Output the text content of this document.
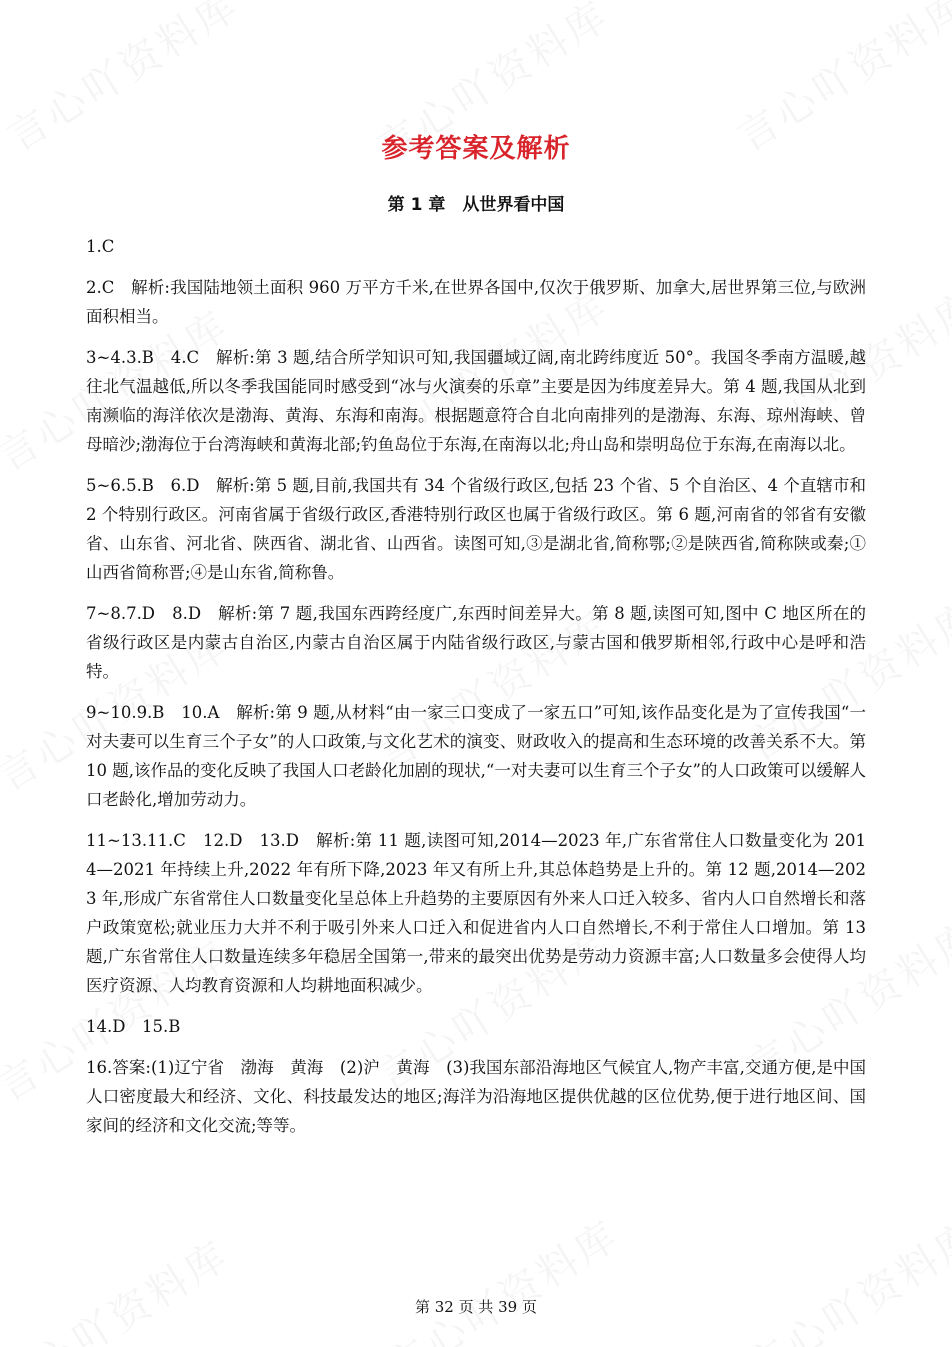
参考答案及解析
第 1 章　从世界看中国

1.C

2.C　解析:我国陆地领土面积 960 万平方千米,在世界各国中,仅次于俄罗斯、加拿大,居世界第三位,与欧洲面积相当。

3~4.3.B　4.C　解析:第 3 题,结合所学知识可知,我国疆域辽阔,南北跨纬度近 50°。我国冬季南方温暖,越往北气温越低,所以冬季我国能同时感受到“冰与火演奏的乐章”主要是因为纬度差异大。第 4 题,我国从北到南濒临的海洋依次是渤海、黄海、东海和南海。根据题意符合自北向南排列的是渤海、东海、琼州海峡、曾母暗沙;渤海位于台湾海峡和黄海北部;钓鱼岛位于东海,在南海以北;舟山岛和崇明岛位于东海,在南海以北。

5~6.5.B　6.D　解析:第 5 题,目前,我国共有 34 个省级行政区,包括 23 个省、5 个自治区、4 个直辖市和 2 个特别行政区。河南省属于省级行政区,香港特别行政区也属于省级行政区。第 6 题,河南省的邻省有安徽省、山东省、河北省、陕西省、湖北省、山西省。读图可知,③是湖北省,简称鄂;②是陕西省,简称陕或秦;①山西省简称晋;④是山东省,简称鲁。

7~8.7.D　8.D　解析:第 7 题,我国东西跨经度广,东西时间差异大。第 8 题,读图可知,图中 C 地区所在的省级行政区是内蒙古自治区,内蒙古自治区属于内陆省级行政区,与蒙古国和俄罗斯相邻,行政中心是呼和浩特。

9~10.9.B　10.A　解析:第 9 题,从材料“由一家三口变成了一家五口”可知,该作品变化是为了宣传我国“一对夫妻可以生育三个子女”的人口政策,与文化艺术的演变、财政收入的提高和生态环境的改善关系不大。第 10 题,该作品的变化反映了我国人口老龄化加剧的现状,“一对夫妻可以生育三个子女”的人口政策可以缓解人口老龄化,增加劳动力。

11~13.11.C　12.D　13.D　解析:第 11 题,读图可知,2014—2023 年,广东省常住人口数量变化为 2014—2021 年持续上升,2022 年有所下降,2023 年又有所上升,其总体趋势是上升的。第 12 题,2014—2023 年,形成广东省常住人口数量变化呈总体上升趋势的主要原因有外来人口迁入较多、省内人口自然增长和落户政策宽松;就业压力大并不利于吸引外来人口迁入和促进省内人口自然增长,不利于常住人口增加。第 13 题,广东省常住人口数量连续多年稳居全国第一,带来的最突出优势是劳动力资源丰富;人口数量多会使得人均医疗资源、人均教育资源和人均耕地面积减少。

14.D　15.B

16.答案:(1)辽宁省　渤海　黄海　(2)沪　黄海　(3)我国东部沿海地区气候宜人,物产丰富,交通方便,是中国人口密度最大和经济、文化、科技最发达的地区;海洋为沿海地区提供优越的区位优势,便于进行地区间、国家间的经济和文化交流;等等。

第 32 页 共 39 页
